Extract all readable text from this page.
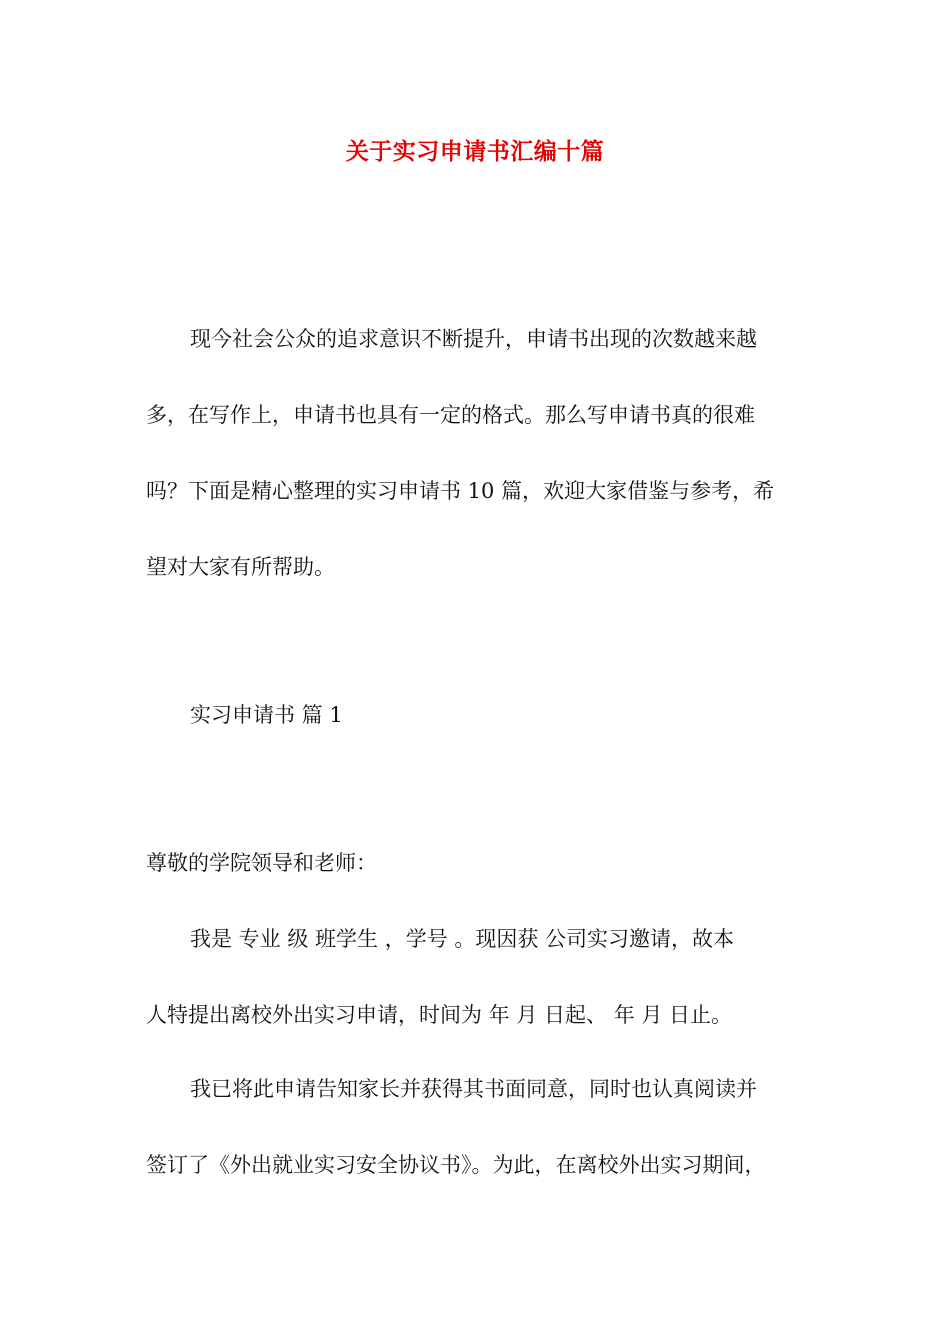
关于实习申请书汇编十篇

现今社会公众的追求意识不断提升，申请书出现的次数越来越

多，在写作上，申请书也具有一定的格式。那么写申请书真的很难

吗？下面是精心整理的实习申请书 10 篇，欢迎大家借鉴与参考，希

望对大家有所帮助。

实习申请书 篇 1

尊敬的学院领导和老师：

我是 专业 级 班学生 ，学号 。现因获 公司实习邀请，故本

人特提出离校外出实习申请，时间为 年 月 日起、 年 月 日止。

我已将此申请告知家长并获得其书面同意，同时也认真阅读并

签订了《外出就业实习安全协议书》。为此，在离校外出实习期间，
